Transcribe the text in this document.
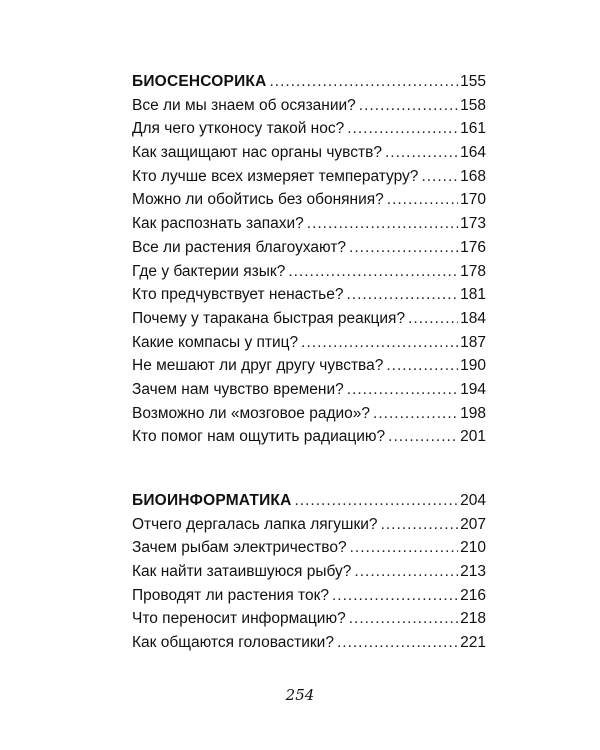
БИОСЕНСОРИКА .....	155
Все ли мы знаем об осязании? .....	158
Для чего утконосу такой нос? .....	161
Как защищают нас органы чувств? .....	164
Кто лучше всех измеряет температуру? .....	168
Можно ли обойтись без обоняния? .....	170
Как распознать запахи? .....	173
Все ли растения благоухают? .....	176
Где у бактерии язык? .....	178
Кто предчувствует ненастье? .....	181
Почему у таракана быстрая реакция? .....	184
Какие компасы у птиц? .....	187
Не мешают ли друг другу чувства? .....	190
Зачем нам чувство времени? .....	194
Возможно ли «мозговое радио»? .....	198
Кто помог нам ощутить радиацию? .....	201
БИОИНФОРМАТИКА .....	204
Отчего дергалась лапка лягушки? .....	207
Зачем рыбам электричество? .....	210
Как найти затаившуюся рыбу? .....	213
Проводят ли растения ток? .....	216
Что переносит информацию? .....	218
Как общаются головастики? .....	221
254
